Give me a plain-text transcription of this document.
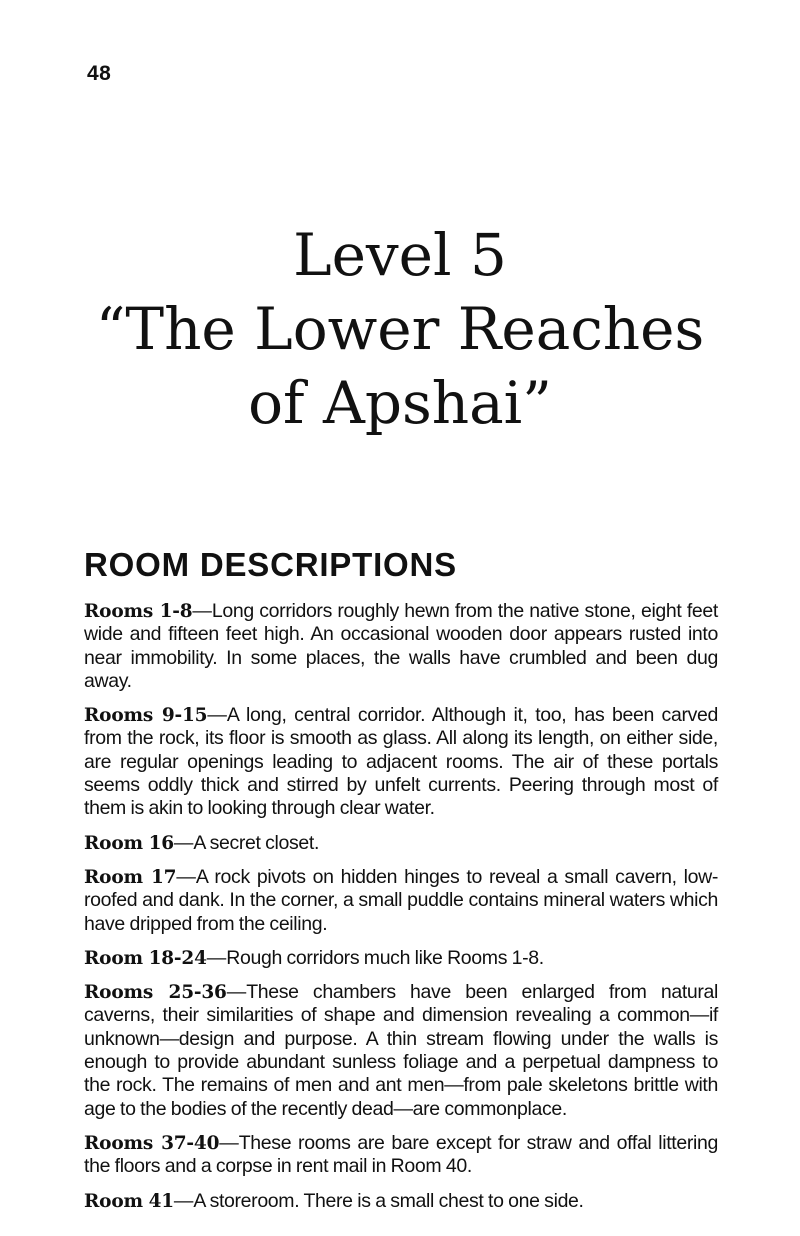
48
Level 5
“The Lower Reaches
of Apshai”
ROOM DESCRIPTIONS

Rooms 1-8—Long corridors roughly hewn from the native stone, eight feet wide and fifteen feet high. An occasional wooden door appears rusted into near immobility. In some places, the walls have crumbled and been dug away.

Rooms 9-15—A long, central corridor. Although it, too, has been carved from the rock, its floor is smooth as glass. All along its length, on either side, are regular openings leading to adjacent rooms. The air of these portals seems oddly thick and stirred by unfelt currents. Peering through most of them is akin to looking through clear water.

Room 16—A secret closet.

Room 17—A rock pivots on hidden hinges to reveal a small cavern, low-roofed and dank. In the corner, a small puddle contains mineral waters which have dripped from the ceiling.

Room 18-24—Rough corridors much like Rooms 1-8.

Rooms 25-36—These chambers have been enlarged from natural caverns, their similarities of shape and dimension revealing a common—if unknown—design and purpose. A thin stream flowing under the walls is enough to provide abundant sunless foliage and a perpetual dampness to the rock. The remains of men and ant men—from pale skeletons brittle with age to the bodies of the recently dead—are commonplace.

Rooms 37-40—These rooms are bare except for straw and offal littering the floors and a corpse in rent mail in Room 40.

Room 41—A storeroom. There is a small chest to one side.
